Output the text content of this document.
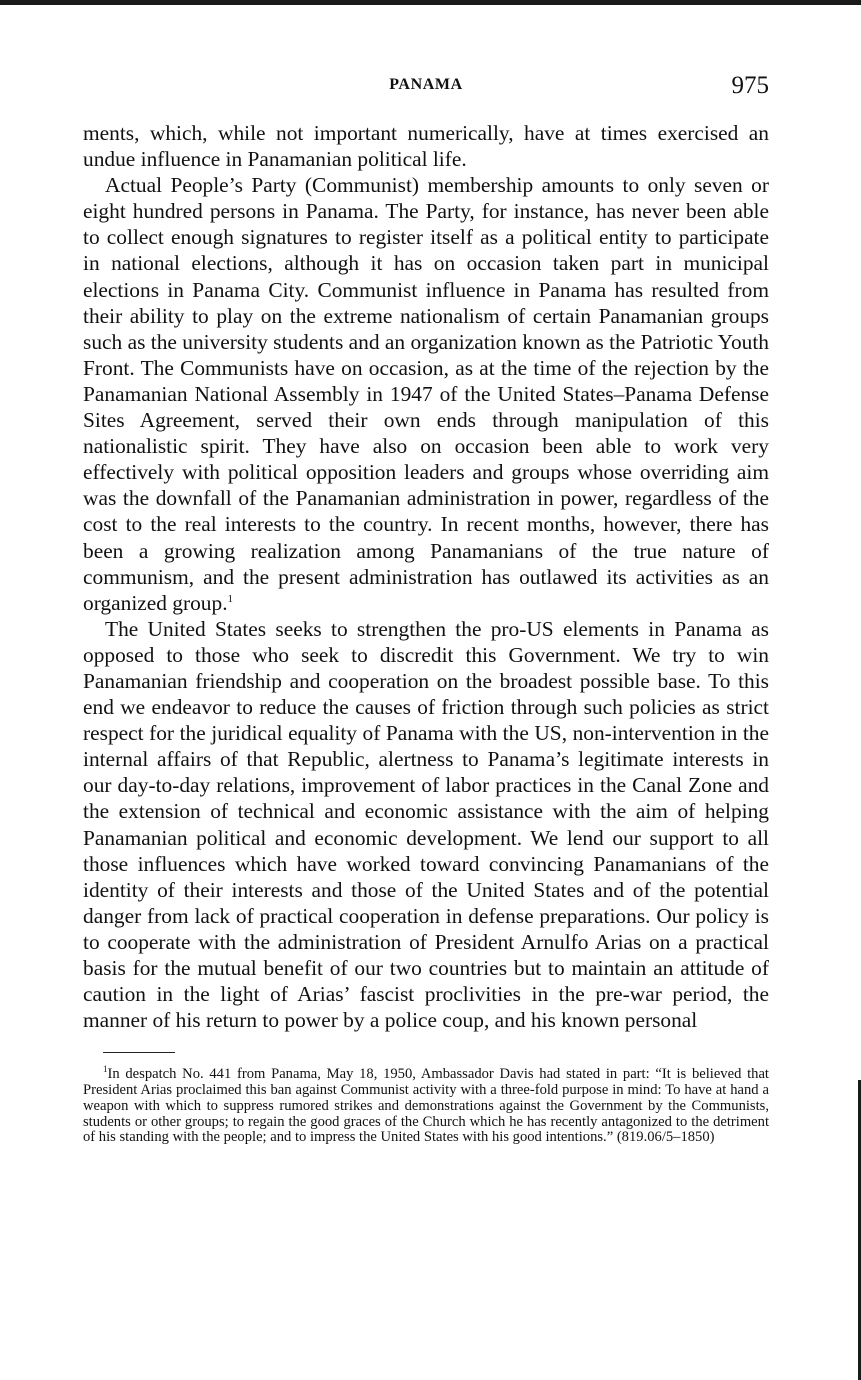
PANAMA	975

ments, which, while not important numerically, have at times exercised an undue influence in Panamanian political life.

Actual People’s Party (Communist) membership amounts to only seven or eight hundred persons in Panama. The Party, for instance, has never been able to collect enough signatures to register itself as a political entity to participate in national elections, although it has on occasion taken part in municipal elections in Panama City. Communist influence in Panama has resulted from their ability to play on the extreme nationalism of certain Panamanian groups such as the university students and an organization known as the Patriotic Youth Front. The Communists have on occasion, as at the time of the rejection by the Panamanian National Assembly in 1947 of the United States–Panama Defense Sites Agreement, served their own ends through manipulation of this nationalistic spirit. They have also on occasion been able to work very effectively with political opposition leaders and groups whose overriding aim was the downfall of the Panamanian administration in power, regardless of the cost to the real interests to the country. In recent months, however, there has been a growing realization among Panamanians of the true nature of communism, and the present administration has outlawed its activities as an organized group.$^1$

The United States seeks to strengthen the pro-US elements in Panama as opposed to those who seek to discredit this Government. We try to win Panamanian friendship and cooperation on the broadest possible base. To this end we endeavor to reduce the causes of friction through such policies as strict respect for the juridical equality of Panama with the US, non-intervention in the internal affairs of that Republic, alertness to Panama’s legitimate interests in our day-to-day relations, improvement of labor practices in the Canal Zone and the extension of technical and economic assistance with the aim of helping Panamanian political and economic development. We lend our support to all those influences which have worked toward convincing Panamanians of the identity of their interests and those of the United States and of the potential danger from lack of practical cooperation in defense preparations. Our policy is to cooperate with the administration of President Arnulfo Arias on a practical basis for the mutual benefit of our two countries but to maintain an attitude of caution in the light of Arias’ fascist proclivities in the pre-war period, the manner of his return to power by a police coup, and his known personal

$^1$In despatch No. 441 from Panama, May 18, 1950, Ambassador Davis had stated in part: “It is believed that President Arias proclaimed this ban against Communist activity with a three-fold purpose in mind: To have at hand a weapon with which to suppress rumored strikes and demonstrations against the Government by the Communists, students or other groups; to regain the good graces of the Church which he has recently antagonized to the detriment of his standing with the people; and to impress the United States with his good intentions.” (819.06/5–1850)
